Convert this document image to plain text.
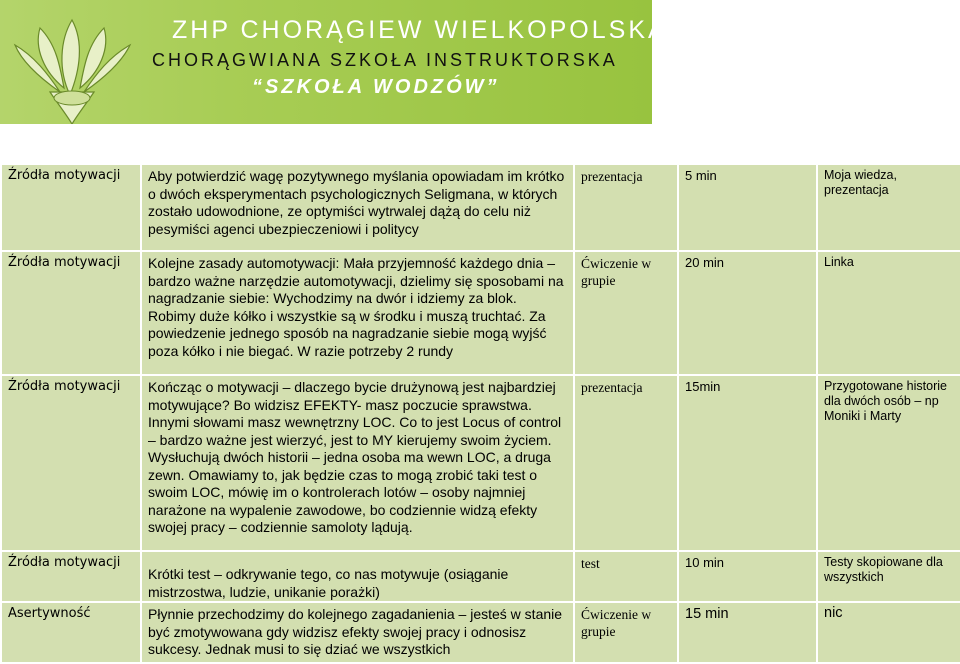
ZHP CHORĄGIEW WIELKOPOLSKA
CHORĄGWIANA SZKOŁA INSTRUKTORSKA
“SZKOŁA WODZÓW”
Źródła motywacji	Aby potwierdzić wagę pozytywnego myślania opowiadam im krótko o dwóch eksperymentach psychologicznych Seligmana, w których zostało udowodnione, ze optymiści wytrwalej dążą do celu niż pesymiści agenci ubezpieczeniowi i politycy	prezentacja	5 min	Moja wiedza, prezentacja
Źródła motywacji	Kolejne zasady automotywacji: Mała przyjemność każdego dnia – bardzo ważne narzędzie automotywacji, dzielimy się sposobami na nagradzanie siebie: Wychodzimy na dwór i idziemy za blok. Robimy duże kółko i wszystkie są w środku i muszą truchtać. Za powiedzenie jednego sposób na nagradzanie siebie mogą wyjść poza kółko i nie biegać. W razie potrzeby 2 rundy	Ćwiczenie w grupie	20 min	Linka
Źródła motywacji	Kończąc o motywacji – dlaczego bycie drużynową jest najbardziej motywujące? Bo widzisz EFEKTY- masz poczucie sprawstwa. Innymi słowami masz wewnętrzny LOC. Co to jest Locus of control – bardzo ważne jest wierzyć, jest to MY kierujemy swoim życiem. Wysłuchują dwóch historii – jedna osoba ma wewn LOC, a druga zewn. Omawiamy to, jak będzie czas to mogą zrobić taki test o swoim LOC, mówię im o kontrolerach lotów – osoby najmniej narażone na wypalenie zawodowe, bo codziennie widzą efekty swojej pracy – codziennie samoloty lądują.	prezentacja	15min	Przygotowane historie dla dwóch osób – np Moniki i Marty
Źródła motywacji	Krótki test – odkrywanie tego, co nas motywuje (osiąganie mistrzostwa, ludzie, unikanie porażki)	test	10 min	Testy skopiowane dla wszystkich
Asertywność	Płynnie przechodzimy do kolejnego zagadanienia – jesteś w stanie być zmotywowana gdy widzisz efekty swojej pracy i odnosisz sukcesy. Jednak musi to się dziać we wszystkich	Ćwiczenie w grupie	15 min	nic
